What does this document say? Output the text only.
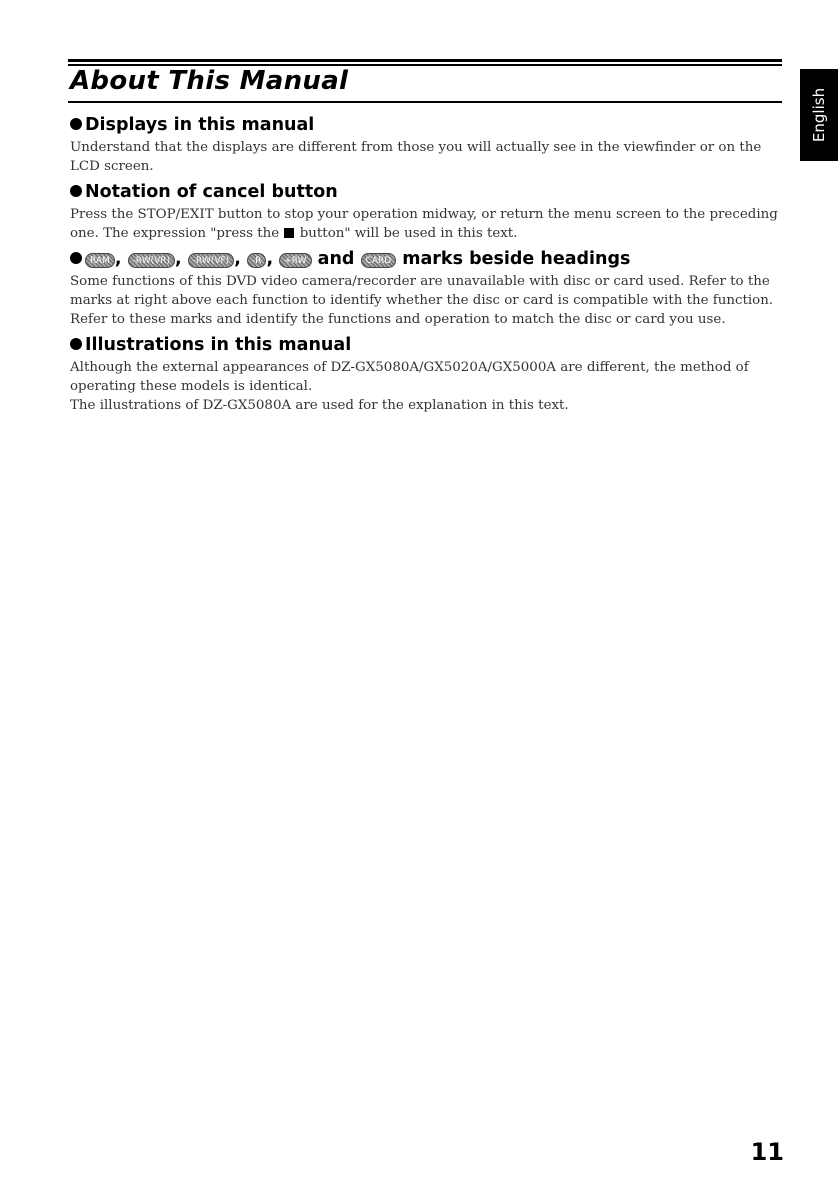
About This Manual
English
Displays in this manual

Understand that the displays are different from those you will actually see in the viewfinder or on the LCD screen.

Notation of cancel button

Press the STOP/EXIT button to stop your operation midway, or return the menu screen to the preceding one. The expression "press the button" will be used in this text.

RAM , -RW(VR) , -RW(VF) , -R , +RW and CARD marks beside headings

Some functions of this DVD video camera/recorder are unavailable with disc or card used. Refer to the marks at right above each function to identify whether the disc or card is compatible with the function. Refer to these marks and identify the functions and operation to match the disc or card you use.

Illustrations in this manual

Although the external appearances of DZ-GX5080A/GX5020A/GX5000A are different, the method of operating these models is identical.
The illustrations of DZ-GX5080A are used for the explanation in this text.

11
